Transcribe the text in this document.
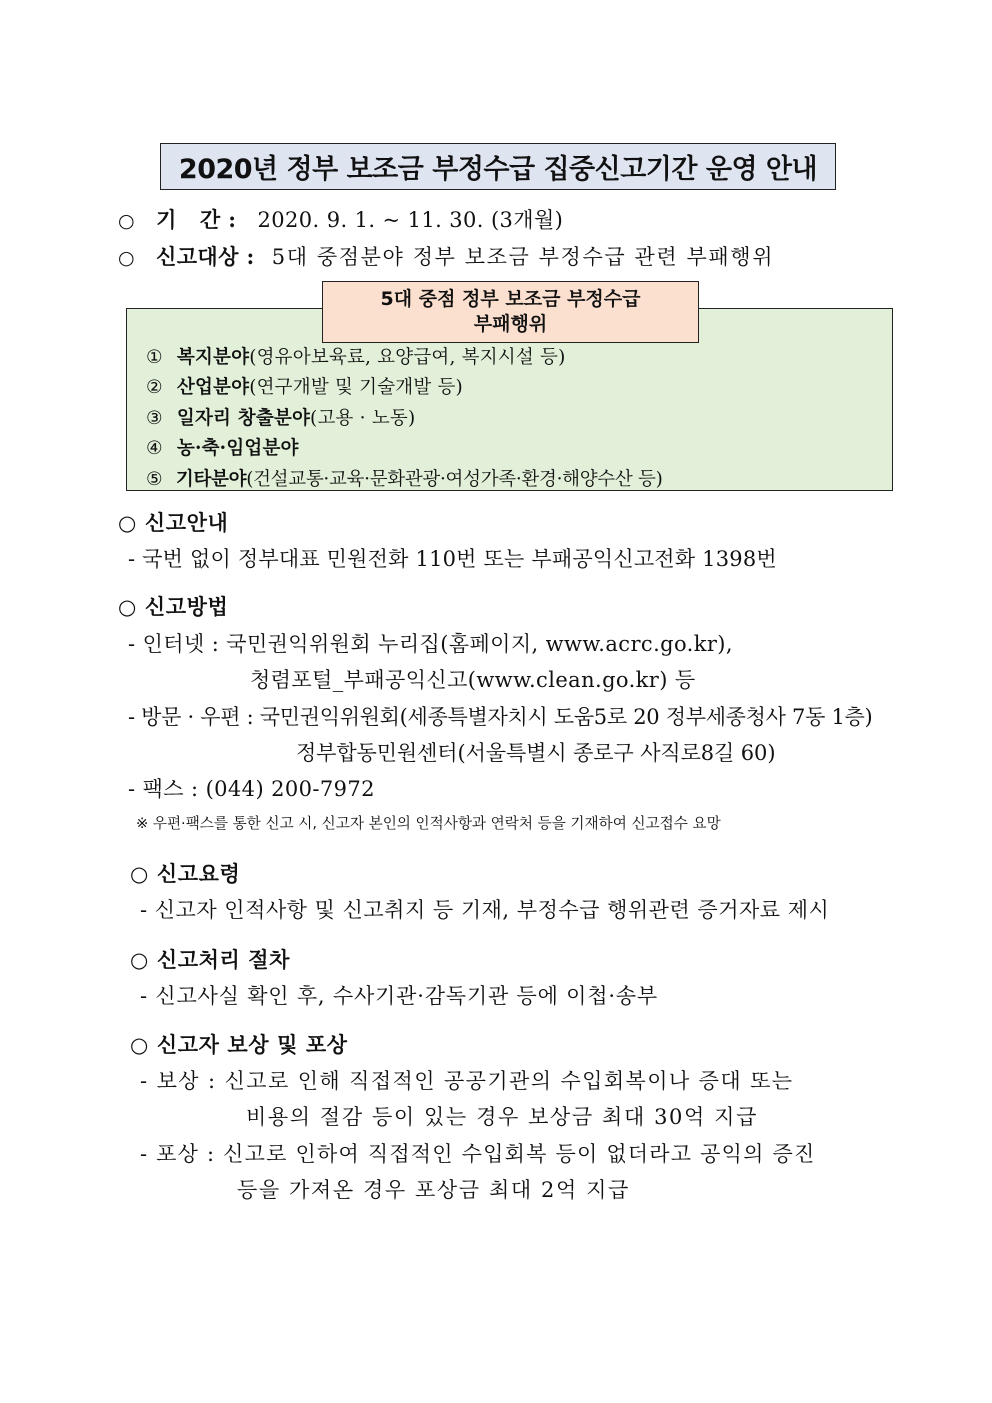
2020년 정부 보조금 부정수급 집중신고기간 운영 안내
○ 기   간 : 2020. 9. 1. ~ 11. 30. (3개월)
○ 신고대상 : 5대 중점분야 정부 보조금 부정수급 관련 부패행위
5대 중점 정부 보조금 부정수급
부패행위
① 복지분야(영유아보육료, 요양급여, 복지시설 등)
② 산업분야(연구개발 및 기술개발 등)
③ 일자리 창출분야(고용 · 노동)
④ 농·축·임업분야
⑤ 기타분야(건설교통·교육·문화관광·여성가족·환경·해양수산 등)
○ 신고안내
- 국번 없이 정부대표 민원전화 110번 또는 부패공익신고전화 1398번
○ 신고방법
- 인터넷 : 국민권익위원회 누리집(홈페이지, www.acrc.go.kr),
청렴포털_부패공익신고(www.clean.go.kr) 등
- 방문 · 우편 : 국민권익위원회(세종특별자치시 도움5로 20 정부세종청사 7동 1층)
정부합동민원센터(서울특별시 종로구 사직로8길 60)
- 팩스 : (044) 200-7972
※ 우편·팩스를 통한 신고 시, 신고자 본인의 인적사항과 연락처 등을 기재하여 신고접수 요망
○ 신고요령
- 신고자 인적사항 및 신고취지 등 기재, 부정수급 행위관련 증거자료 제시
○ 신고처리 절차
- 신고사실 확인 후, 수사기관·감독기관 등에 이첩·송부
○ 신고자 보상 및 포상
- 보상 : 신고로 인해 직접적인 공공기관의 수입회복이나 증대 또는
비용의 절감 등이 있는 경우 보상금 최대 30억 지급
- 포상 : 신고로 인하여 직접적인 수입회복 등이 없더라고 공익의 증진
등을 가져온 경우 포상금 최대 2억 지급
